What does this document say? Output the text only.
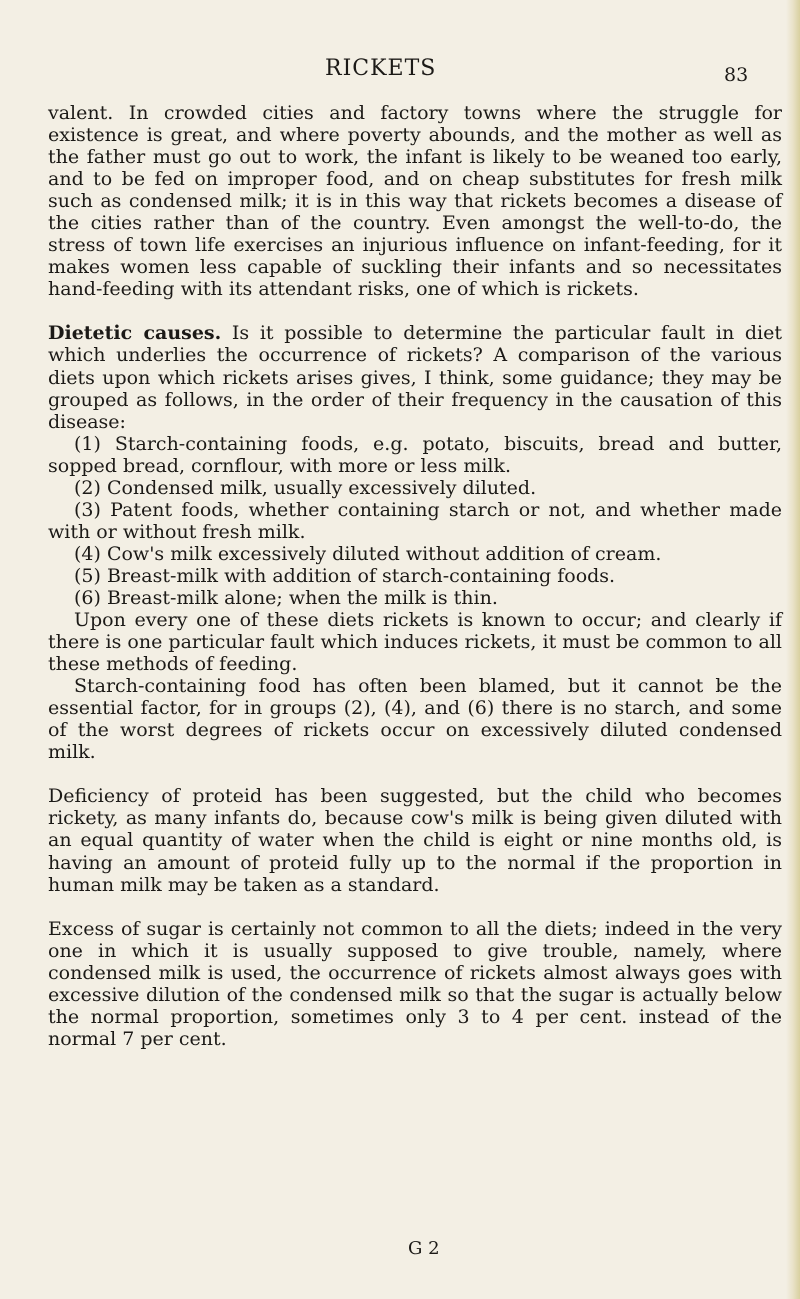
RICKETS	83

valent. In crowded cities and factory towns where the struggle for existence is great, and where poverty abounds, and the mother as well as the father must go out to work, the infant is likely to be weaned too early, and to be fed on improper food, and on cheap substitutes for fresh milk such as condensed milk; it is in this way that rickets becomes a disease of the cities rather than of the country. Even amongst the well-to-do, the stress of town life exercises an injurious influence on infant-feeding, for it makes women less capable of suckling their infants and so necessitates hand-feeding with its attendant risks, one of which is rickets.

Dietetic causes. Is it possible to determine the particular fault in diet which underlies the occurrence of rickets? A comparison of the various diets upon which rickets arises gives, I think, some guidance; they may be grouped as follows, in the order of their frequency in the causation of this disease:

(1) Starch-containing foods, e.g. potato, biscuits, bread and butter, sopped bread, cornflour, with more or less milk.

(2) Condensed milk, usually excessively diluted.

(3) Patent foods, whether containing starch or not, and whether made with or without fresh milk.

(4) Cow's milk excessively diluted without addition of cream.

(5) Breast-milk with addition of starch-containing foods.

(6) Breast-milk alone; when the milk is thin.

Upon every one of these diets rickets is known to occur; and clearly if there is one particular fault which induces rickets, it must be common to all these methods of feeding.

Starch-containing food has often been blamed, but it cannot be the essential factor, for in groups (2), (4), and (6) there is no starch, and some of the worst degrees of rickets occur on excessively diluted condensed milk.

Deficiency of proteid has been suggested, but the child who becomes rickety, as many infants do, because cow's milk is being given diluted with an equal quantity of water when the child is eight or nine months old, is having an amount of proteid fully up to the normal if the proportion in human milk may be taken as a standard.

Excess of sugar is certainly not common to all the diets; indeed in the very one in which it is usually supposed to give trouble, namely, where condensed milk is used, the occurrence of rickets almost always goes with excessive dilution of the condensed milk so that the sugar is actually below the normal proportion, sometimes only 3 to 4 per cent. instead of the normal 7 per cent.

G 2
